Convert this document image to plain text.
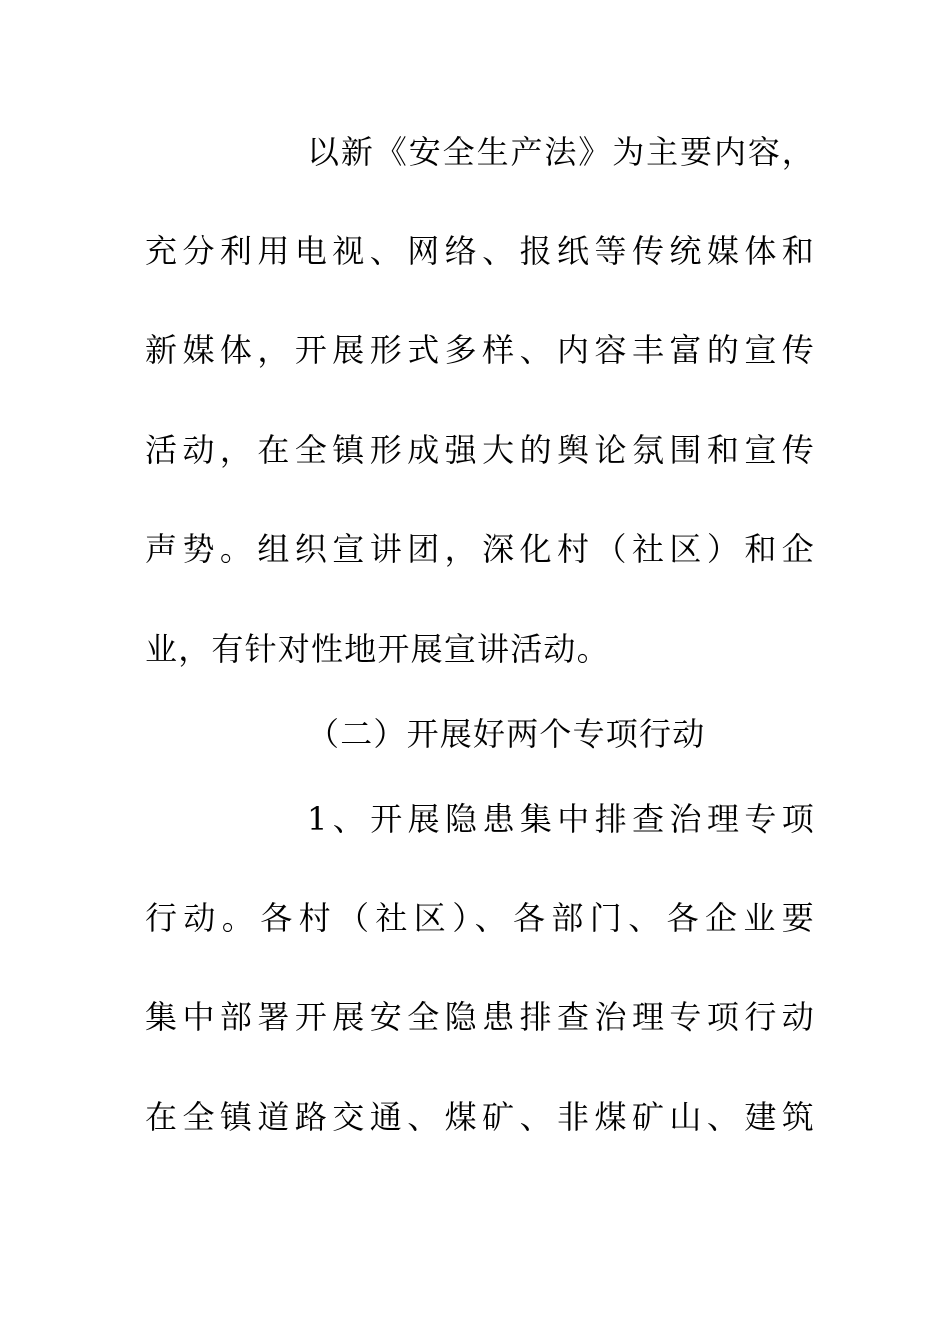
以新《安全生产法》为主要内容，
充分利用电视、网络、报纸等传统媒体和
新媒体，开展形式多样、内容丰富的宣传
活动，在全镇形成强大的舆论氛围和宣传
声势。组织宣讲团，深化村（社区）和企
业，有针对性地开展宣讲活动。
（二）开展好两个专项行动
1、开展隐患集中排查治理专项
行动。各村（社区）、各部门、各企业要
集中部署开展安全隐患排查治理专项行动
在全镇道路交通、煤矿、非煤矿山、建筑
